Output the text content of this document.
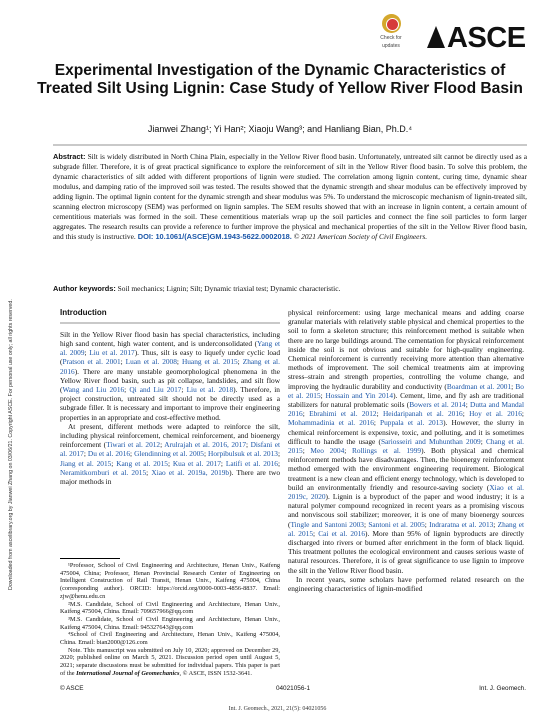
Downloaded from ascelibrary.org by Jianwei Zhang on 03/06/21. Copyright ASCE. For personal use only; all rights reserved.
Check for
updates	ASCE
Experimental Investigation of the Dynamic Characteristics of Treated Silt Using Lignin: Case Study of Yellow River Flood Basin
Jianwei Zhang¹; Yi Han²; Xiaoju Wang³; and Hanliang Bian, Ph.D.⁴
Abstract: Silt is widely distributed in North China Plain, especially in the Yellow River flood basin. Unfortunately, untreated silt cannot be directly used as a subgrade filler. Therefore, it is of great practical significance to explore the reinforcement of silt in the Yellow River flood basin. To solve this problem, the dynamic characteristics of silt added with different proportions of lignin were studied. The correlation among lignin content, curing time, dynamic shear modulus, and damping ratio of the improved soil was tested. The results showed that the dynamic strength and shear modulus can be effectively improved by adding lignin. The optimal lignin content for the dynamic strength and shear modulus was 5%. To understand the microscopic mechanism of lignin-treated silt, scanning electron microscopy (SEM) was performed on lignin samples. The SEM results showed that with an increase in lignin content, a certain amount of cementitious materials was formed in the soil. These cementitious materials wrap up the soil particles and connect the fine soil particles to form larger aggregates. The research results can provide a reference to further improve the physical and mechanical properties of the silt in the Yellow River flood basin, and this study is instructive. DOI: 10.1061/(ASCE)GM.1943-5622.0002018. © 2021 American Society of Civil Engineers.
Author keywords: Soil mechanics; Lignin; Silt; Dynamic triaxial test; Dynamic characteristic.
Introduction

Silt in the Yellow River flood basin has special characteristics, including high sand content, high water content, and is underconsolidated (Yang et al. 2009; Liu et al. 2017). Thus, silt is easy to liquefy under cyclic load (Pratson et al. 2001; Luan et al. 2008; Huang et al. 2015; Zhang et al. 2016). There are many unstable geomorphological phenomena in the Yellow River flood basin, such as pit collapse, landslides, and silt flow (Wang and Liu 2016; Qi and Liu 2017; Liu et al. 2018). Therefore, in project construction, untreated silt should not be directly used as a subgrade filler. It is necessary and important to improve their engineering properties in an appropriate and cost-effective method.

At present, different methods were adapted to reinforce the silt, including physical reinforcement, chemical reinforcement, and bioenergy reinforcement (Tiwari et al. 2012; Arulrajah et al. 2016, 2017; Disfani et al. 2017; Du et al. 2016; Glendinning et al. 2005; Horpibulsuk et al. 2013; Jiang et al. 2015; Kang et al. 2015; Kua et al. 2017; Latifi et al. 2016; Neramitkornburi et al. 2015; Xiao et al. 2019a, 2019b). There are two major methods in

physical reinforcement: using large mechanical means and adding coarse granular materials with relatively stable physical and chemical properties to the soil to form a skeleton structure; this reinforcement method is suitable when there are no large buildings around. The cementation for physical reinforcement inside the soil is not obvious and suitable for high-quality engineering. Chemical reinforcement is currently receiving more attention than alternative methods of improvement. The soil chemical treatments aim at improving stress–strain and strength properties, controlling the volume change, and improving the hydraulic durability and conductivity (Boardman et al. 2001; Bo et al. 2015; Hossain and Yin 2014). Cement, lime, and fly ash are traditional stabilizers for natural problematic soils (Bowers et al. 2014; Dutta and Mandal 2016; Ebrahimi et al. 2012; Heidaripanah et al. 2016; Hoy et al. 2016; Mohammadinia et al. 2016; Puppala et al. 2013). However, the slurry in chemical reinforcement is expensive, toxic, and polluting, and it is sometimes difficult to handle the usage (Sariosseiri and Muhunthan 2009; Chang et al. 2015; Meo 2004; Rollings et al. 1999). Both physical and chemical reinforcement methods have disadvantages. Then, the bioenergy reinforcement method emerged with the environment engineering requirement. Biological treatment is a new clean and efficient energy technology, which is developed to build an environmentally friendly and resource-saving society (Xiao et al. 2019c, 2020). Lignin is a byproduct of the paper and wood industry; it is a natural polymer compound recognized in recent years as a promising viscous and nonviscous soil stabilizer; moreover, it is one of many bioenergy sources (Tingle and Santoni 2003; Santoni et al. 2005; Indraratna et al. 2013; Zhang et al. 2015; Cai et al. 2016). More than 95% of lignin byproducts are directly discharged into rivers or burned after enrichment in the form of black liquid. This treatment pollutes the ecological environment and causes serious waste of natural resources. Therefore, it is of great significance to use lignin to improve the silt in the Yellow River flood basin.

In recent years, some scholars have performed related research on the engineering characteristics of lignin-modified

¹Professor, School of Civil Engineering and Architecture, Henan Univ., Kaifeng 475004, China; Professor, Henan Provincial Research Center of Engineering on Intelligent Construction of Rail Transit, Henan Univ., Kaifeng 475004, China (corresponding author). ORCID: https://orcid.org/0000-0003-4856-8837. Email: zjw@henu.edu.cn

²M.S. Candidate, School of Civil Engineering and Architecture, Henan Univ., Kaifeng 475004, China. Email: 709657966@qq.com

³M.S. Candidate, School of Civil Engineering and Architecture, Henan Univ., Kaifeng 475004, China. Email: 945327643@qq.com

⁴School of Civil Engineering and Architecture, Henan Univ., Kaifeng 475004, China. Email: bian2000@126.com

Note. This manuscript was submitted on July 10, 2020; approved on December 29, 2020; published online on March 5, 2021. Discussion period open until August 5, 2021; separate discussions must be submitted for individual papers. This paper is part of the International Journal of Geomechanics, © ASCE, ISSN 1532-3641.

© ASCE	04021056-1	Int. J. Geomech.
Int. J. Geomech., 2021, 21(5): 04021056
